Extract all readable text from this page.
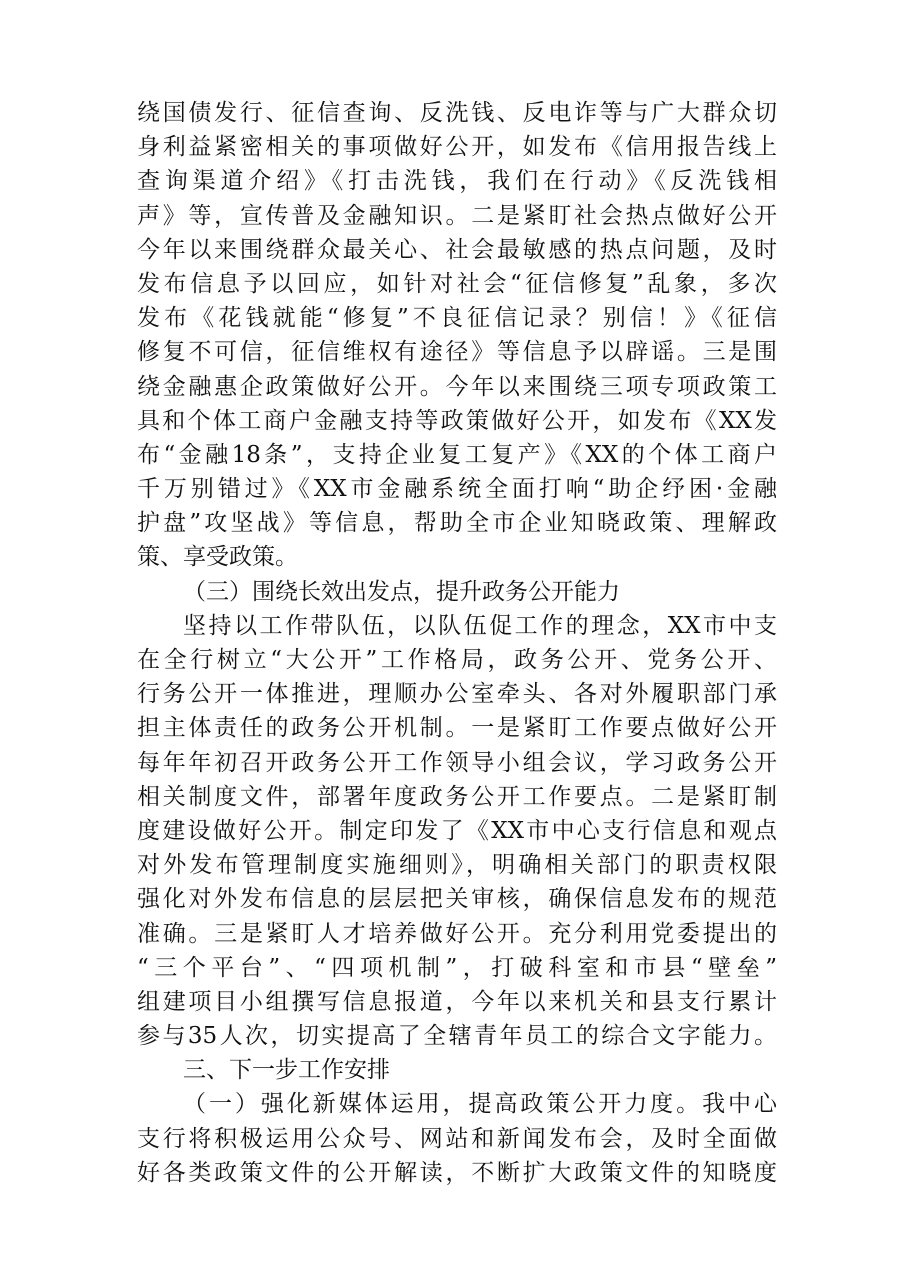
绕国债发行、征信查询、反洗钱、反电诈等与广大群众切
身利益紧密相关的事项做好公开，如发布《信用报告线上
查询渠道介绍》《打击洗钱，我们在行动》《反洗钱相
声》等，宣传普及金融知识。二是紧盯社会热点做好公开
今年以来围绕群众最关心、社会最敏感的热点问题，及时
发布信息予以回应，如针对社会“征信修复”乱象，多次
发布《花钱就能“修复”不良征信记录？别信！》《征信
修复不可信，征信维权有途径》等信息予以辟谣。三是围
绕金融惠企政策做好公开。今年以来围绕三项专项政策工
具和个体工商户金融支持等政策做好公开，如发布《XX发
布“金融18条”，支持企业复工复产》《XX的个体工商户
千万别错过》《XX市金融系统全面打响“助企纾困·金融
护盘”攻坚战》等信息，帮助全市企业知晓政策、理解政
策、享受政策。
（三）围绕长效出发点，提升政务公开能力
坚持以工作带队伍，以队伍促工作的理念，XX市中支
在全行树立“大公开”工作格局，政务公开、党务公开、
行务公开一体推进，理顺办公室牵头、各对外履职部门承
担主体责任的政务公开机制。一是紧盯工作要点做好公开
每年年初召开政务公开工作领导小组会议，学习政务公开
相关制度文件，部署年度政务公开工作要点。二是紧盯制
度建设做好公开。制定印发了《XX市中心支行信息和观点
对外发布管理制度实施细则》，明确相关部门的职责权限
强化对外发布信息的层层把关审核，确保信息发布的规范
准确。三是紧盯人才培养做好公开。充分利用党委提出的
“三个平台”、“四项机制”，打破科室和市县“壁垒”
组建项目小组撰写信息报道，今年以来机关和县支行累计
参与35人次，切实提高了全辖青年员工的综合文字能力。
三、下一步工作安排
（一）强化新媒体运用，提高政策公开力度。我中心
支行将积极运用公众号、网站和新闻发布会，及时全面做
好各类政策文件的公开解读，不断扩大政策文件的知晓度
